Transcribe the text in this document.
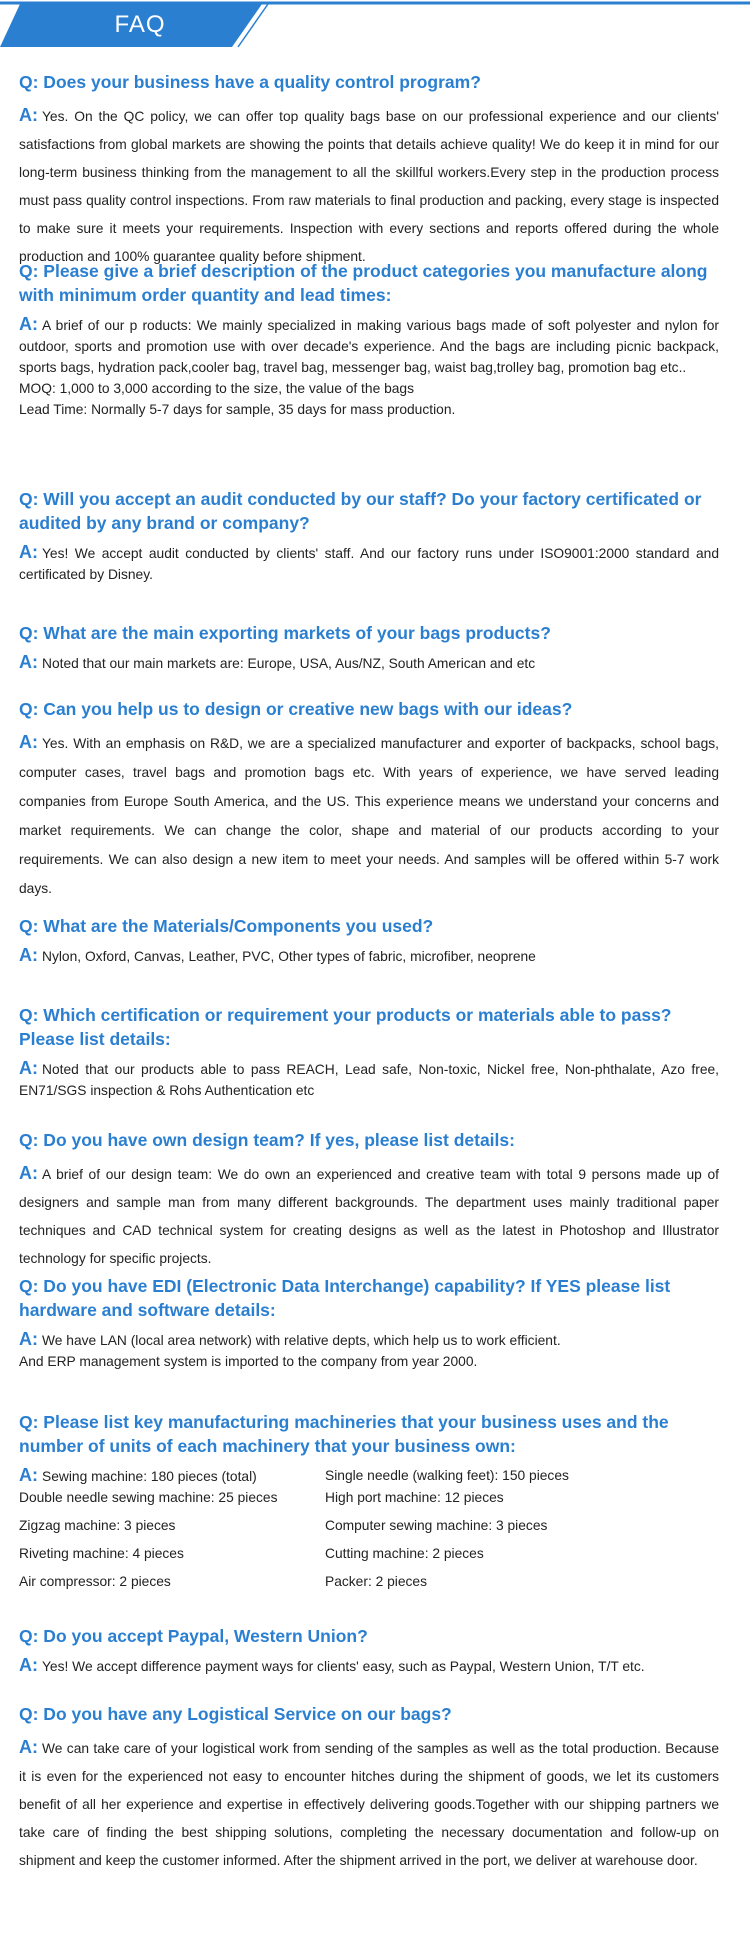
FAQ
Q: Does your business have a quality control program?

A: Yes. On the QC policy, we can offer top quality bags base on our professional experience and our clients' satisfactions from global markets are showing the points that details achieve quality! We do keep it in mind for our long-term business thinking from the management to all the skillful workers.Every step in the production process must pass quality control inspections. From raw materials to final production and packing, every stage is inspected to make sure it meets your requirements. Inspection with every sections and reports offered during the whole production and 100% guarantee quality before shipment.

Q: Please give a brief description of the product categories you manufacture along with minimum order quantity and lead times:

A: A brief of our p roducts: We mainly specialized in making various bags made of soft polyester and nylon for outdoor, sports and promotion use with over decade's experience. And the bags are including picnic backpack, sports bags, hydration pack,cooler bag, travel bag, messenger bag, waist bag,trolley bag, promotion bag etc..

MOQ: 1,000 to 3,000 according to the size, the value of the bags

Lead Time: Normally 5-7 days for sample, 35 days for mass production.

Q: Will you accept an audit conducted by our staff? Do your factory certificated or audited by any brand or company?

A: Yes! We accept audit conducted by clients' staff. And our factory runs under ISO9001:2000 standard and certificated by Disney.

Q: What are the main exporting markets of your bags products?

A: Noted that our main markets are: Europe, USA, Aus/NZ, South American and etc

Q: Can you help us to design or creative new bags with our ideas?

A: Yes. With an emphasis on R&D, we are a specialized manufacturer and exporter of backpacks, school bags, computer cases, travel bags and promotion bags etc. With years of experience, we have served leading companies from Europe South America, and the US. This experience means we understand your concerns and market requirements. We can change the color, shape and material of our products according to your requirements. We can also design a new item to meet your needs. And samples will be offered within 5-7 work days.

Q: What are the Materials/Components you used?

A: Nylon, Oxford, Canvas, Leather, PVC, Other types of fabric, microfiber, neoprene

Q: Which certification or requirement your products or materials able to pass? Please list details:

A: Noted that our products able to pass REACH, Lead safe, Non-toxic, Nickel free, Non-phthalate, Azo free, EN71/SGS inspection & Rohs Authentication etc

Q: Do you have own design team? If yes, please list details:

A: A brief of our design team: We do own an experienced and creative team with total 9 persons made up of designers and sample man from many different backgrounds. The department uses mainly traditional paper techniques and CAD technical system for creating designs as well as the latest in Photoshop and Illustrator technology for specific projects.

Q: Do you have EDI (Electronic Data Interchange) capability? If YES please list hardware and software details:

A: We have LAN (local area network) with relative depts, which help us to work efficient.

And ERP management system is imported to the company from year 2000.

Q: Please list key manufacturing machineries that your business uses and the number of units of each machinery that your business own:
A: Sewing machine: 180 pieces (total)	Single needle (walking feet): 150 pieces
Double needle sewing machine: 25 pieces	High port machine: 12 pieces
Zigzag machine: 3 pieces	Computer sewing machine: 3 pieces
Riveting machine: 4 pieces	Cutting machine: 2 pieces
Air compressor: 2 pieces	Packer: 2 pieces
Q: Do you accept Paypal, Western Union?

A: Yes! We accept difference payment ways for clients' easy, such as Paypal, Western Union, T/T etc.

Q: Do you have any Logistical Service on our bags?

A: We can take care of your logistical work from sending of the samples as well as the total production. Because it is even for the experienced not easy to encounter hitches during the shipment of goods, we let its customers benefit of all her experience and expertise in effectively delivering goods.Together with our shipping partners we take care of finding the best shipping solutions, completing the necessary documentation and follow-up on shipment and keep the customer informed. After the shipment arrived in the port, we deliver at warehouse door.
